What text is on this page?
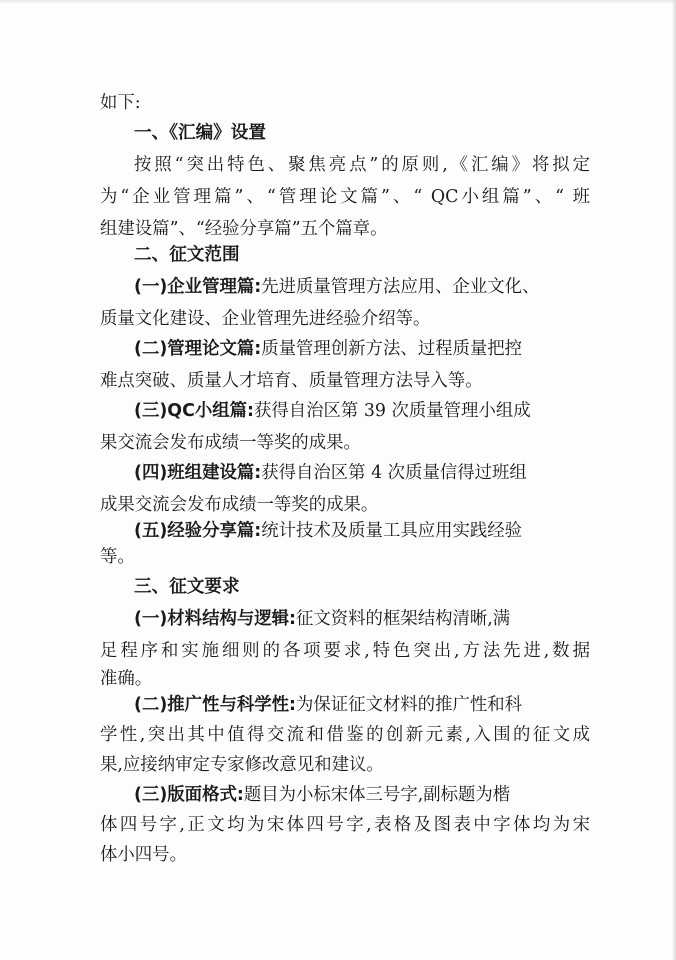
如下:
一、《汇编》设置
按照“突出特色、聚焦亮点”的原则,《汇编》将拟定
为“企业管理篇”、“管理论文篇”、“ QC小组篇”、“ 班
组建设篇”、“经验分享篇”五个篇章。
二、征文范围
(一)企业管理篇:先进质量管理方法应用、企业文化、
质量文化建设、企业管理先进经验介绍等。
(二)管理论文篇:质量管理创新方法、过程质量把控
难点突破、质量人才培育、质量管理方法导入等。
(三)QC小组篇:获得自治区第 39 次质量管理小组成
果交流会发布成绩一等奖的成果。
(四)班组建设篇:获得自治区第 4 次质量信得过班组
成果交流会发布成绩一等奖的成果。
(五)经验分享篇:统计技术及质量工具应用实践经验
等。
三、征文要求
(一)材料结构与逻辑:征文资料的框架结构清晰,满
足程序和实施细则的各项要求,特色突出,方法先进,数据
准确。
(二)推广性与科学性:为保证征文材料的推广性和科
学性,突出其中值得交流和借鉴的创新元素,入围的征文成
果,应接纳审定专家修改意见和建议。
(三)版面格式:题目为小标宋体三号字,副标题为楷
体四号字,正文均为宋体四号字,表格及图表中字体均为宋
体小四号。
